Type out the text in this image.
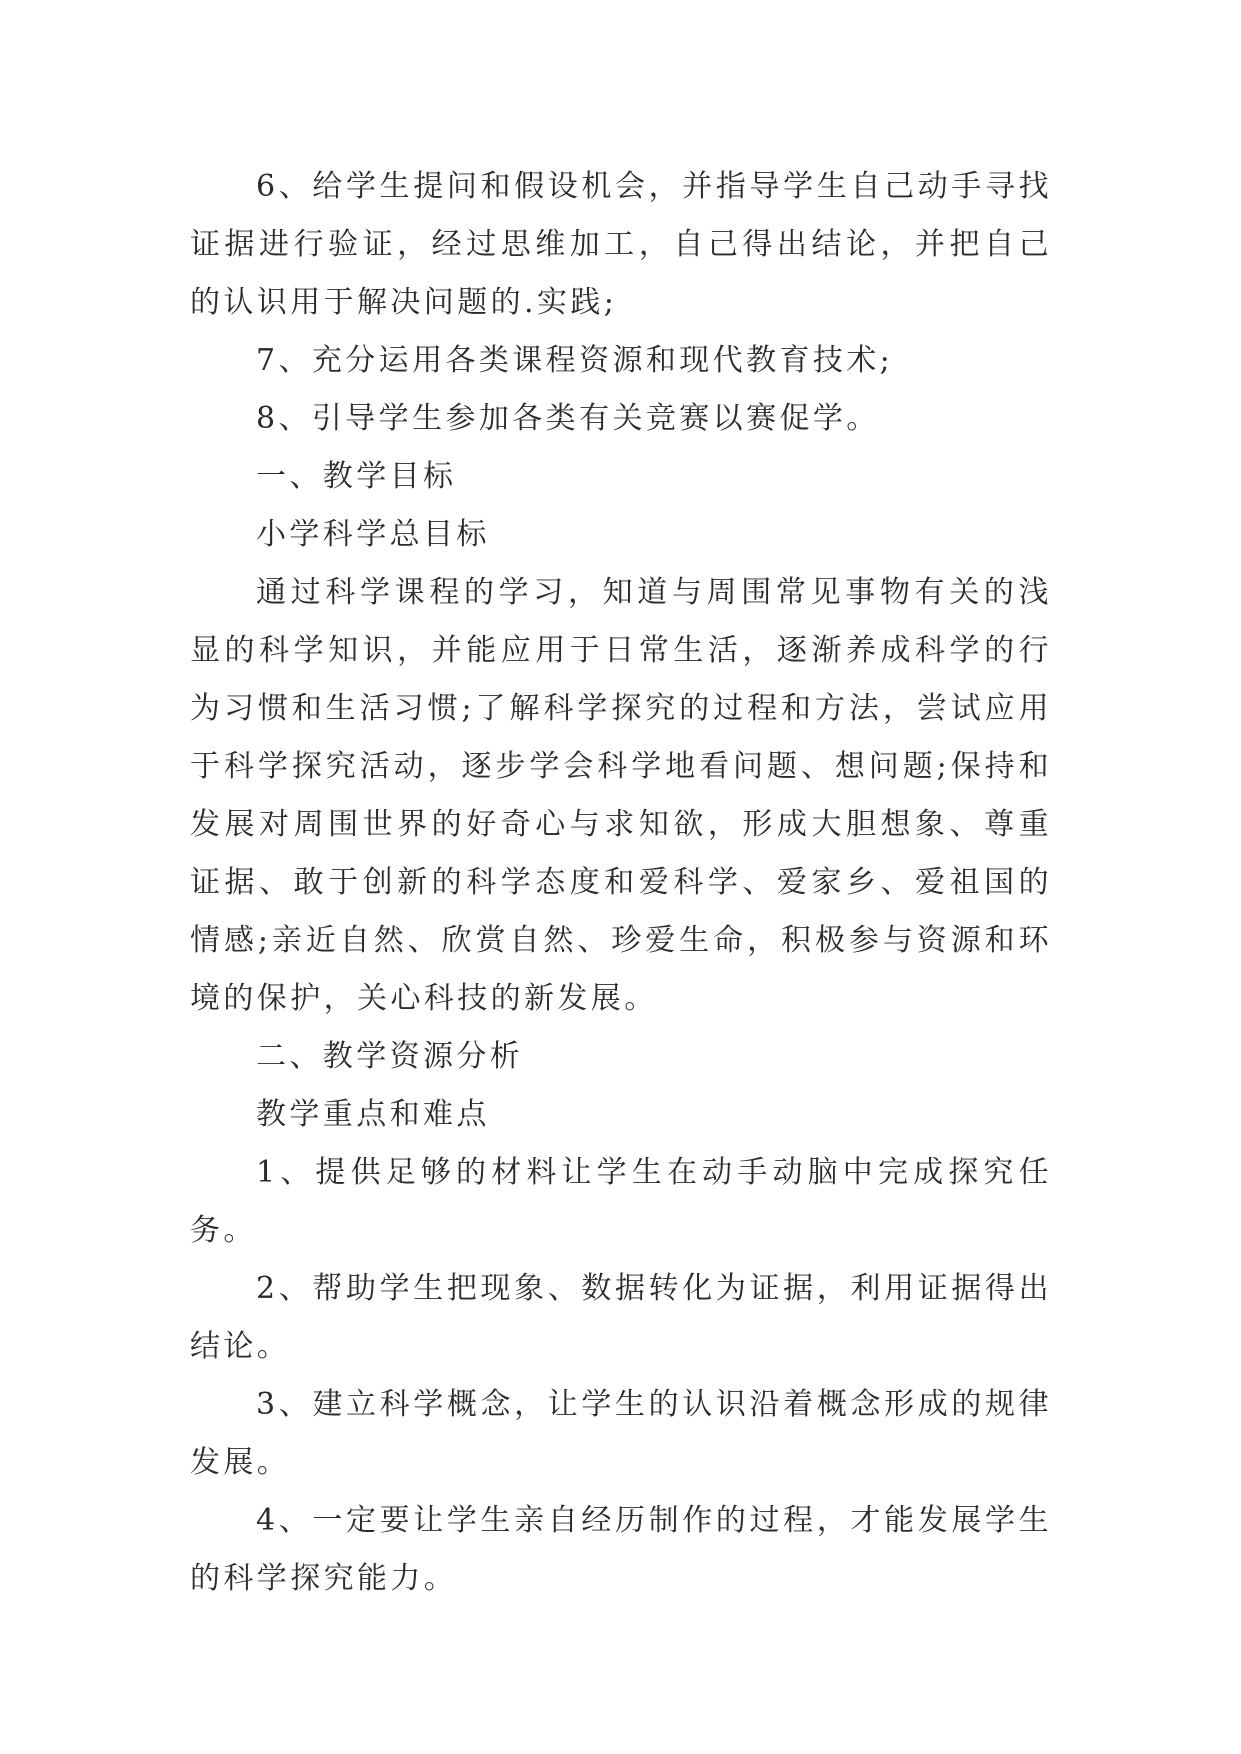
6、给学生提问和假设机会，并指导学生自己动手寻找证据进行验证，经过思维加工，自己得出结论，并把自己的认识用于解决问题的.实践;

7、充分运用各类课程资源和现代教育技术;

8、引导学生参加各类有关竞赛以赛促学。

一、教学目标

小学科学总目标

通过科学课程的学习，知道与周围常见事物有关的浅显的科学知识，并能应用于日常生活，逐渐养成科学的行为习惯和生活习惯;了解科学探究的过程和方法，尝试应用于科学探究活动，逐步学会科学地看问题、想问题;保持和发展对周围世界的好奇心与求知欲，形成大胆想象、尊重证据、敢于创新的科学态度和爱科学、爱家乡、爱祖国的情感;亲近自然、欣赏自然、珍爱生命，积极参与资源和环境的保护，关心科技的新发展。

二、教学资源分析

教学重点和难点

1、提供足够的材料让学生在动手动脑中完成探究任务。

2、帮助学生把现象、数据转化为证据，利用证据得出结论。

3、建立科学概念，让学生的认识沿着概念形成的规律发展。

4、一定要让学生亲自经历制作的过程，才能发展学生的科学探究能力。
